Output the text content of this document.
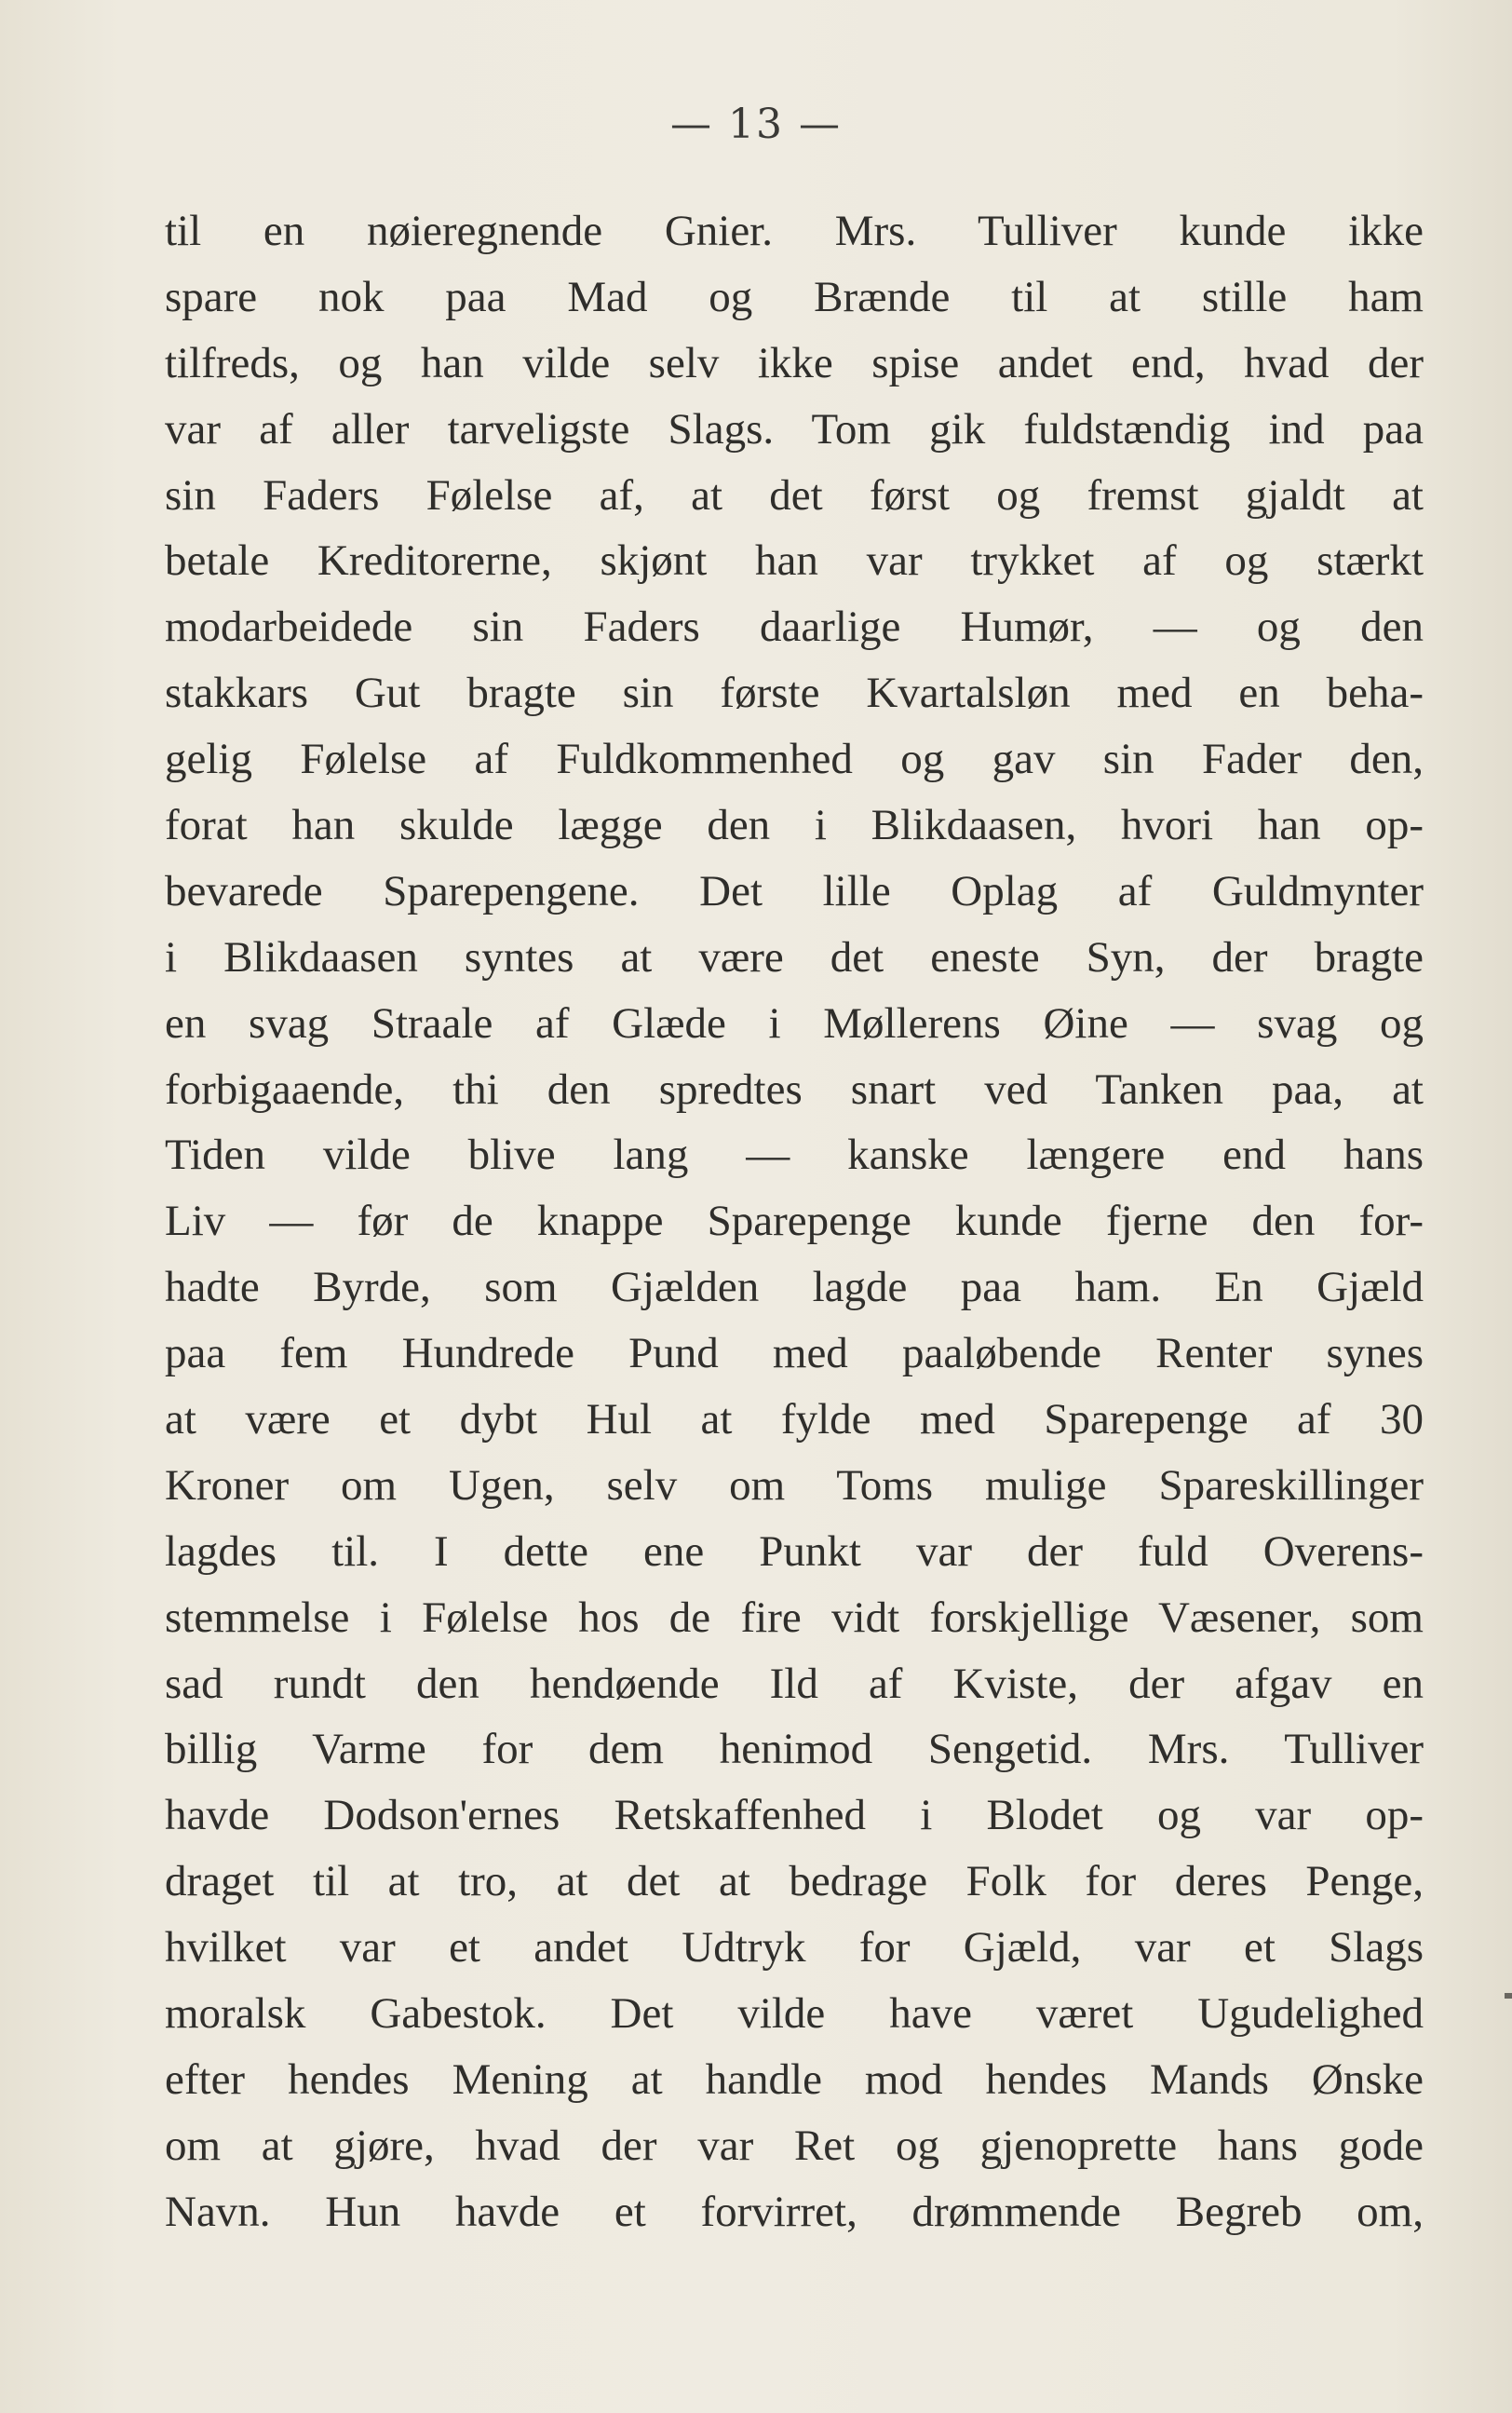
— 13 —
til en nøieregnende Gnier. Mrs. Tulliver kunde ikke
spare nok paa Mad og Brænde til at stille ham
tilfreds, og han vilde selv ikke spise andet end, hvad der
var af aller tarveligste Slags. Tom gik fuldstændig ind paa
sin Faders Følelse af, at det først og fremst gjaldt at
betale Kreditorerne, skjønt han var trykket af og stærkt
modarbeidede sin Faders daarlige Humør, — og den
stakkars Gut bragte sin første Kvartalsløn med en beha-
gelig Følelse af Fuldkommenhed og gav sin Fader den,
forat han skulde lægge den i Blikdaasen, hvori han op-
bevarede Sparepengene. Det lille Oplag af Guldmynter
i Blikdaasen syntes at være det eneste Syn, der bragte
en svag Straale af Glæde i Møllerens Øine — svag og
forbigaaende, thi den spredtes snart ved Tanken paa, at
Tiden vilde blive lang — kanske længere end hans
Liv — før de knappe Sparepenge kunde fjerne den for-
hadte Byrde, som Gjælden lagde paa ham. En Gjæld
paa fem Hundrede Pund med paaløbende Renter synes
at være et dybt Hul at fylde med Sparepenge af 30
Kroner om Ugen, selv om Toms mulige Spareskillinger
lagdes til. I dette ene Punkt var der fuld Overens-
stemmelse i Følelse hos de fire vidt forskjellige Væsener, som
sad rundt den hendøende Ild af Kviste, der afgav en
billig Varme for dem henimod Sengetid. Mrs. Tulliver
havde Dodson'ernes Retskaffenhed i Blodet og var op-
draget til at tro, at det at bedrage Folk for deres Penge,
hvilket var et andet Udtryk for Gjæld, var et Slags
moralsk Gabestok. Det vilde have været Ugudelighed
efter hendes Mening at handle mod hendes Mands Ønske
om at gjøre, hvad der var Ret og gjenoprette hans gode
Navn. Hun havde et forvirret, drømmende Begreb om,
